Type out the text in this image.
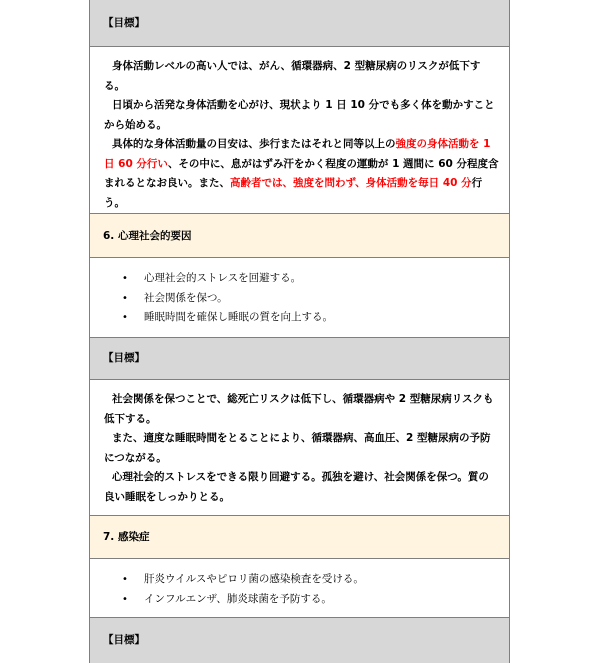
【目標】

身体活動レベルの高い人では、がん、循環器病、2 型糖尿病のリスクが低下する。

日頃から活発な身体活動を心がけ、現状より 1 日 10 分でも多く体を動かすことから始める。

具体的な身体活動量の目安は、歩行またはそれと同等以上の強度の身体活動を 1 日 60 分行い、その中に、息がはずみ汗をかく程度の運動が 1 週間に 60 分程度含まれるとなお良い。また、高齢者では、強度を問わず、身体活動を毎日 40 分行う。

6. 心理社会的要因
• 心理社会的ストレスを回避する。
• 社会関係を保つ。
• 睡眠時間を確保し睡眠の質を向上する。
【目標】

社会関係を保つことで、総死亡リスクは低下し、循環器病や 2 型糖尿病リスクも低下する。

また、適度な睡眠時間をとることにより、循環器病、高血圧、2 型糖尿病の予防につながる。

心理社会的ストレスをできる限り回避する。孤独を避け、社会関係を保つ。質の良い睡眠をしっかりとる。

7. 感染症
• 肝炎ウイルスやピロリ菌の感染検査を受ける。
• インフルエンザ、肺炎球菌を予防する。
【目標】
